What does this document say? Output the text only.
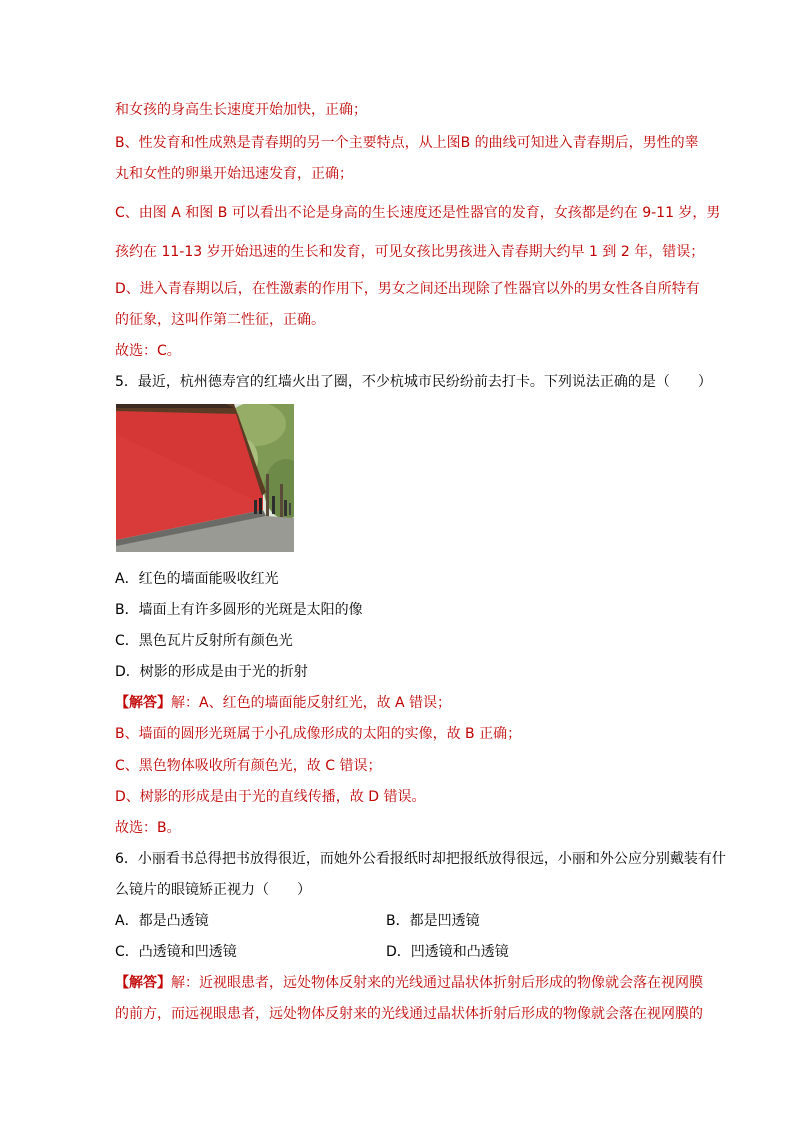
和女孩的身高生长速度开始加快，正确；
B、性发育和性成熟是青春期的另一个主要特点，从上图B 的曲线可知进入青春期后，男性的睾
丸和女性的卵巢开始迅速发育，正确；
C、由图 A 和图 B 可以看出不论是身高的生长速度还是性器官的发育，女孩都是约在 9-11 岁，男
孩约在 11-13 岁开始迅速的生长和发育，可见女孩比男孩进入青春期大约早 1 到 2 年，错误；
D、进入青春期以后，在性激素的作用下，男女之间还出现除了性器官以外的男女性各自所特有
的征象，这叫作第二性征，正确。
故选：C。
5．最近，杭州德寿宫的红墙火出了圈，不少杭城市民纷纷前去打卡。下列说法正确的是（　　）
A．红色的墙面能吸收红光
B．墙面上有许多圆形的光斑是太阳的像
C．黑色瓦片反射所有颜色光
D．树影的形成是由于光的折射
【解答】解：A、红色的墙面能反射红光，故 A 错误；
B、墙面的圆形光斑属于小孔成像形成的太阳的实像，故 B 正确；
C、黑色物体吸收所有颜色光，故 C 错误；
D、树影的形成是由于光的直线传播，故 D 错误。
故选：B。
6．小丽看书总得把书放得很近，而她外公看报纸时却把报纸放得很远，小丽和外公应分别戴装有什
么镜片的眼镜矫正视力（　　）
A．都是凸透镜	B．都是凹透镜
C．凸透镜和凹透镜	D．凹透镜和凸透镜
【解答】解：近视眼患者，远处物体反射来的光线通过晶状体折射后形成的物像就会落在视网膜
的前方，而远视眼患者，远处物体反射来的光线通过晶状体折射后形成的物像就会落在视网膜的
